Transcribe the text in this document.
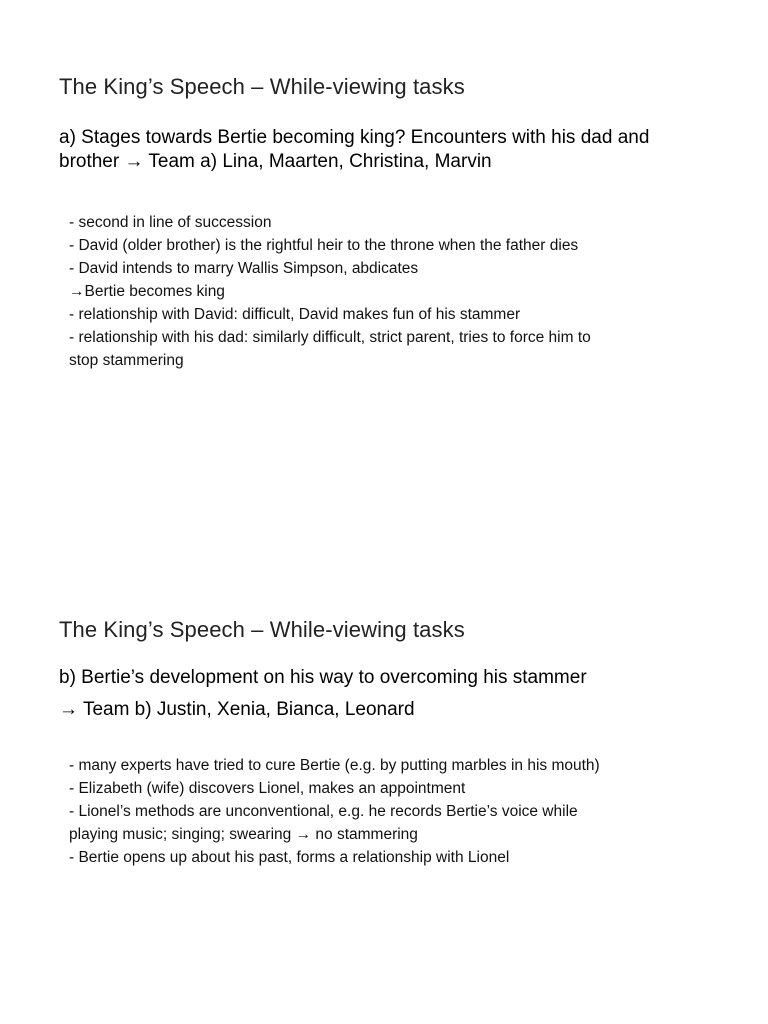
The King’s Speech – While-viewing tasks
a) Stages towards Bertie becoming king? Encounters with his dad and
brother → Team a) Lina, Maarten, Christina, Marvin
- second in line of succession
- David (older brother) is the rightful heir to the throne when the father dies
- David intends to marry Wallis Simpson, abdicates
→Bertie becomes king
- relationship with David: difficult, David makes fun of his stammer
- relationship with his dad: similarly difficult, strict parent, tries to force him to
stop stammering
The King’s Speech – While-viewing tasks
b) Bertie’s development on his way to overcoming his stammer
→ Team b) Justin, Xenia, Bianca, Leonard
- many experts have tried to cure Bertie (e.g. by putting marbles in his mouth)
- Elizabeth (wife) discovers Lionel, makes an appointment
- Lionel’s methods are unconventional, e.g. he records Bertie’s voice while
playing music; singing; swearing → no stammering
- Bertie opens up about his past, forms a relationship with Lionel
